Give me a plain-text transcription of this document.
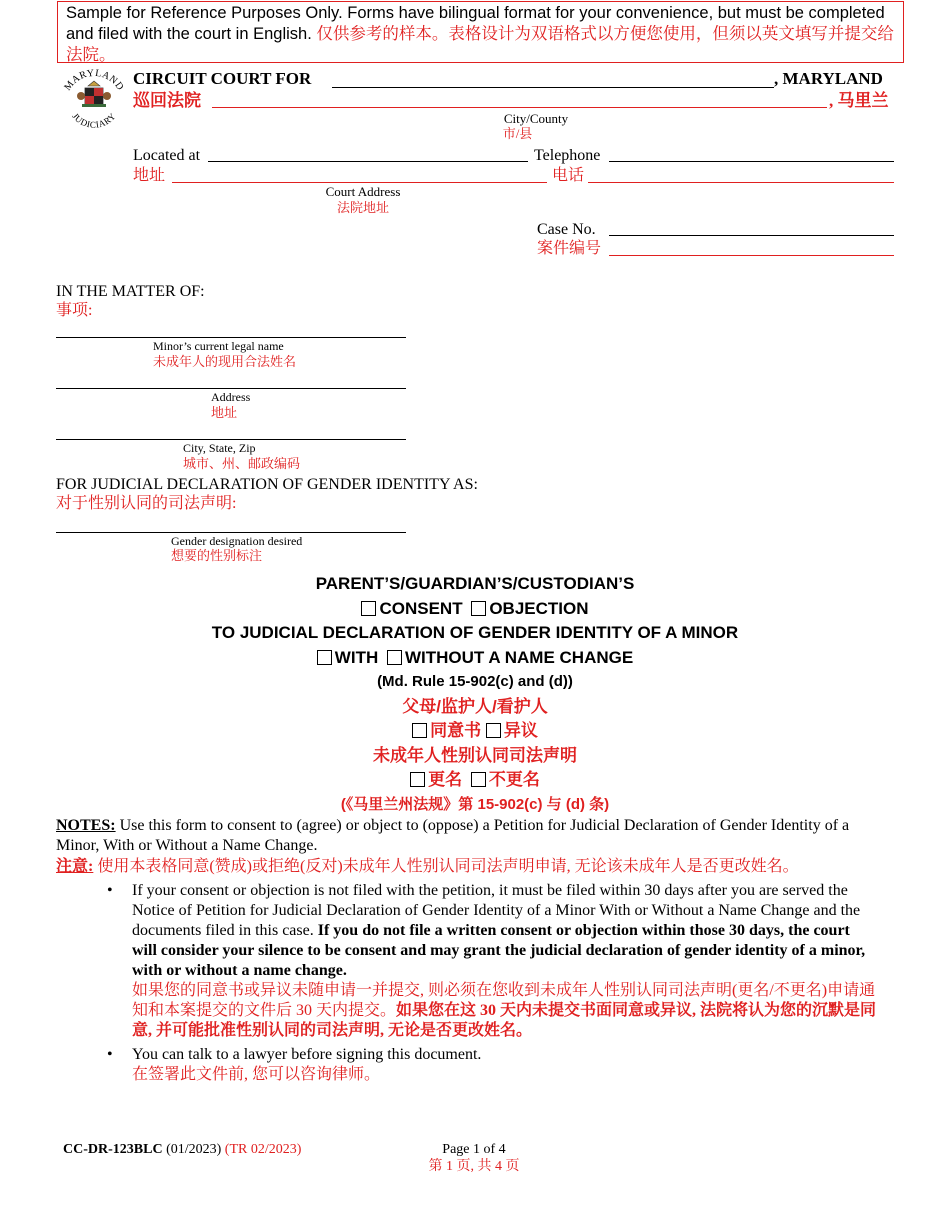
Sample for Reference Purposes Only. Forms have bilingual format for your convenience, but must be completed and filed with the court in English. 仅供参考的样本。表格设计为双语格式以方便您使用，但须以英文填写并提交给法院。
MARYLAND
JUDICIARY
CIRCUIT COURT FOR	, MARYLAND
巡回法院	, 马里兰
City/County
市/县
Located at	Telephone
地址	电话
Court Address
法院地址
Case No.
案件编号
IN THE MATTER OF:
事项:
Minor’s current legal name
未成年人的现用合法姓名
Address
地址
City, State, Zip
城市、州、邮政编码
FOR JUDICIAL DECLARATION OF GENDER IDENTITY AS:
对于性别认同的司法声明:
Gender designation desired
想要的性别标注
PARENT’S/GUARDIAN’S/CUSTODIAN’S
CONSENT OBJECTION
TO JUDICIAL DECLARATION OF GENDER IDENTITY OF A MINOR
WITH WITHOUT A NAME CHANGE
(Md. Rule 15-902(c) and (d))
父母/监护人/看护人
同意书 异议
未成年人性别认同司法声明
更名 不更名
(《马里兰州法规》第 15-902(c) 与 (d) 条)
NOTES: Use this form to consent to (agree) or object to (oppose) a Petition for Judicial Declaration of Gender Identity of a Minor, With or Without a Name Change.
注意: 使用本表格同意(赞成)或拒绝(反对)未成年人性别认同司法声明申请, 无论该未成年人是否更改姓名。
• If your consent or objection is not filed with the petition, it must be filed within 30 days after you are served the Notice of Petition for Judicial Declaration of Gender Identity of a Minor With or Without a Name Change and the documents filed in this case. If you do not file a written consent or objection within those 30 days, the court will consider your silence to be consent and may grant the judicial declaration of gender identity of a minor, with or without a name change.
如果您的同意书或异议未随申请一并提交, 则必须在您收到未成年人性别认同司法声明(更名/不更名)申请通知和本案提交的文件后 30 天内提交。如果您在这 30 天内未提交书面同意或异议, 法院将认为您的沉默是同意, 并可能批准性别认同的司法声明, 无论是否更改姓名。
• You can talk to a lawyer before signing this document.
在签署此文件前, 您可以咨询律师。
CC-DR-123BLC (01/2023) (TR 02/2023)	Page 1 of 4
第 1 页, 共 4 页
